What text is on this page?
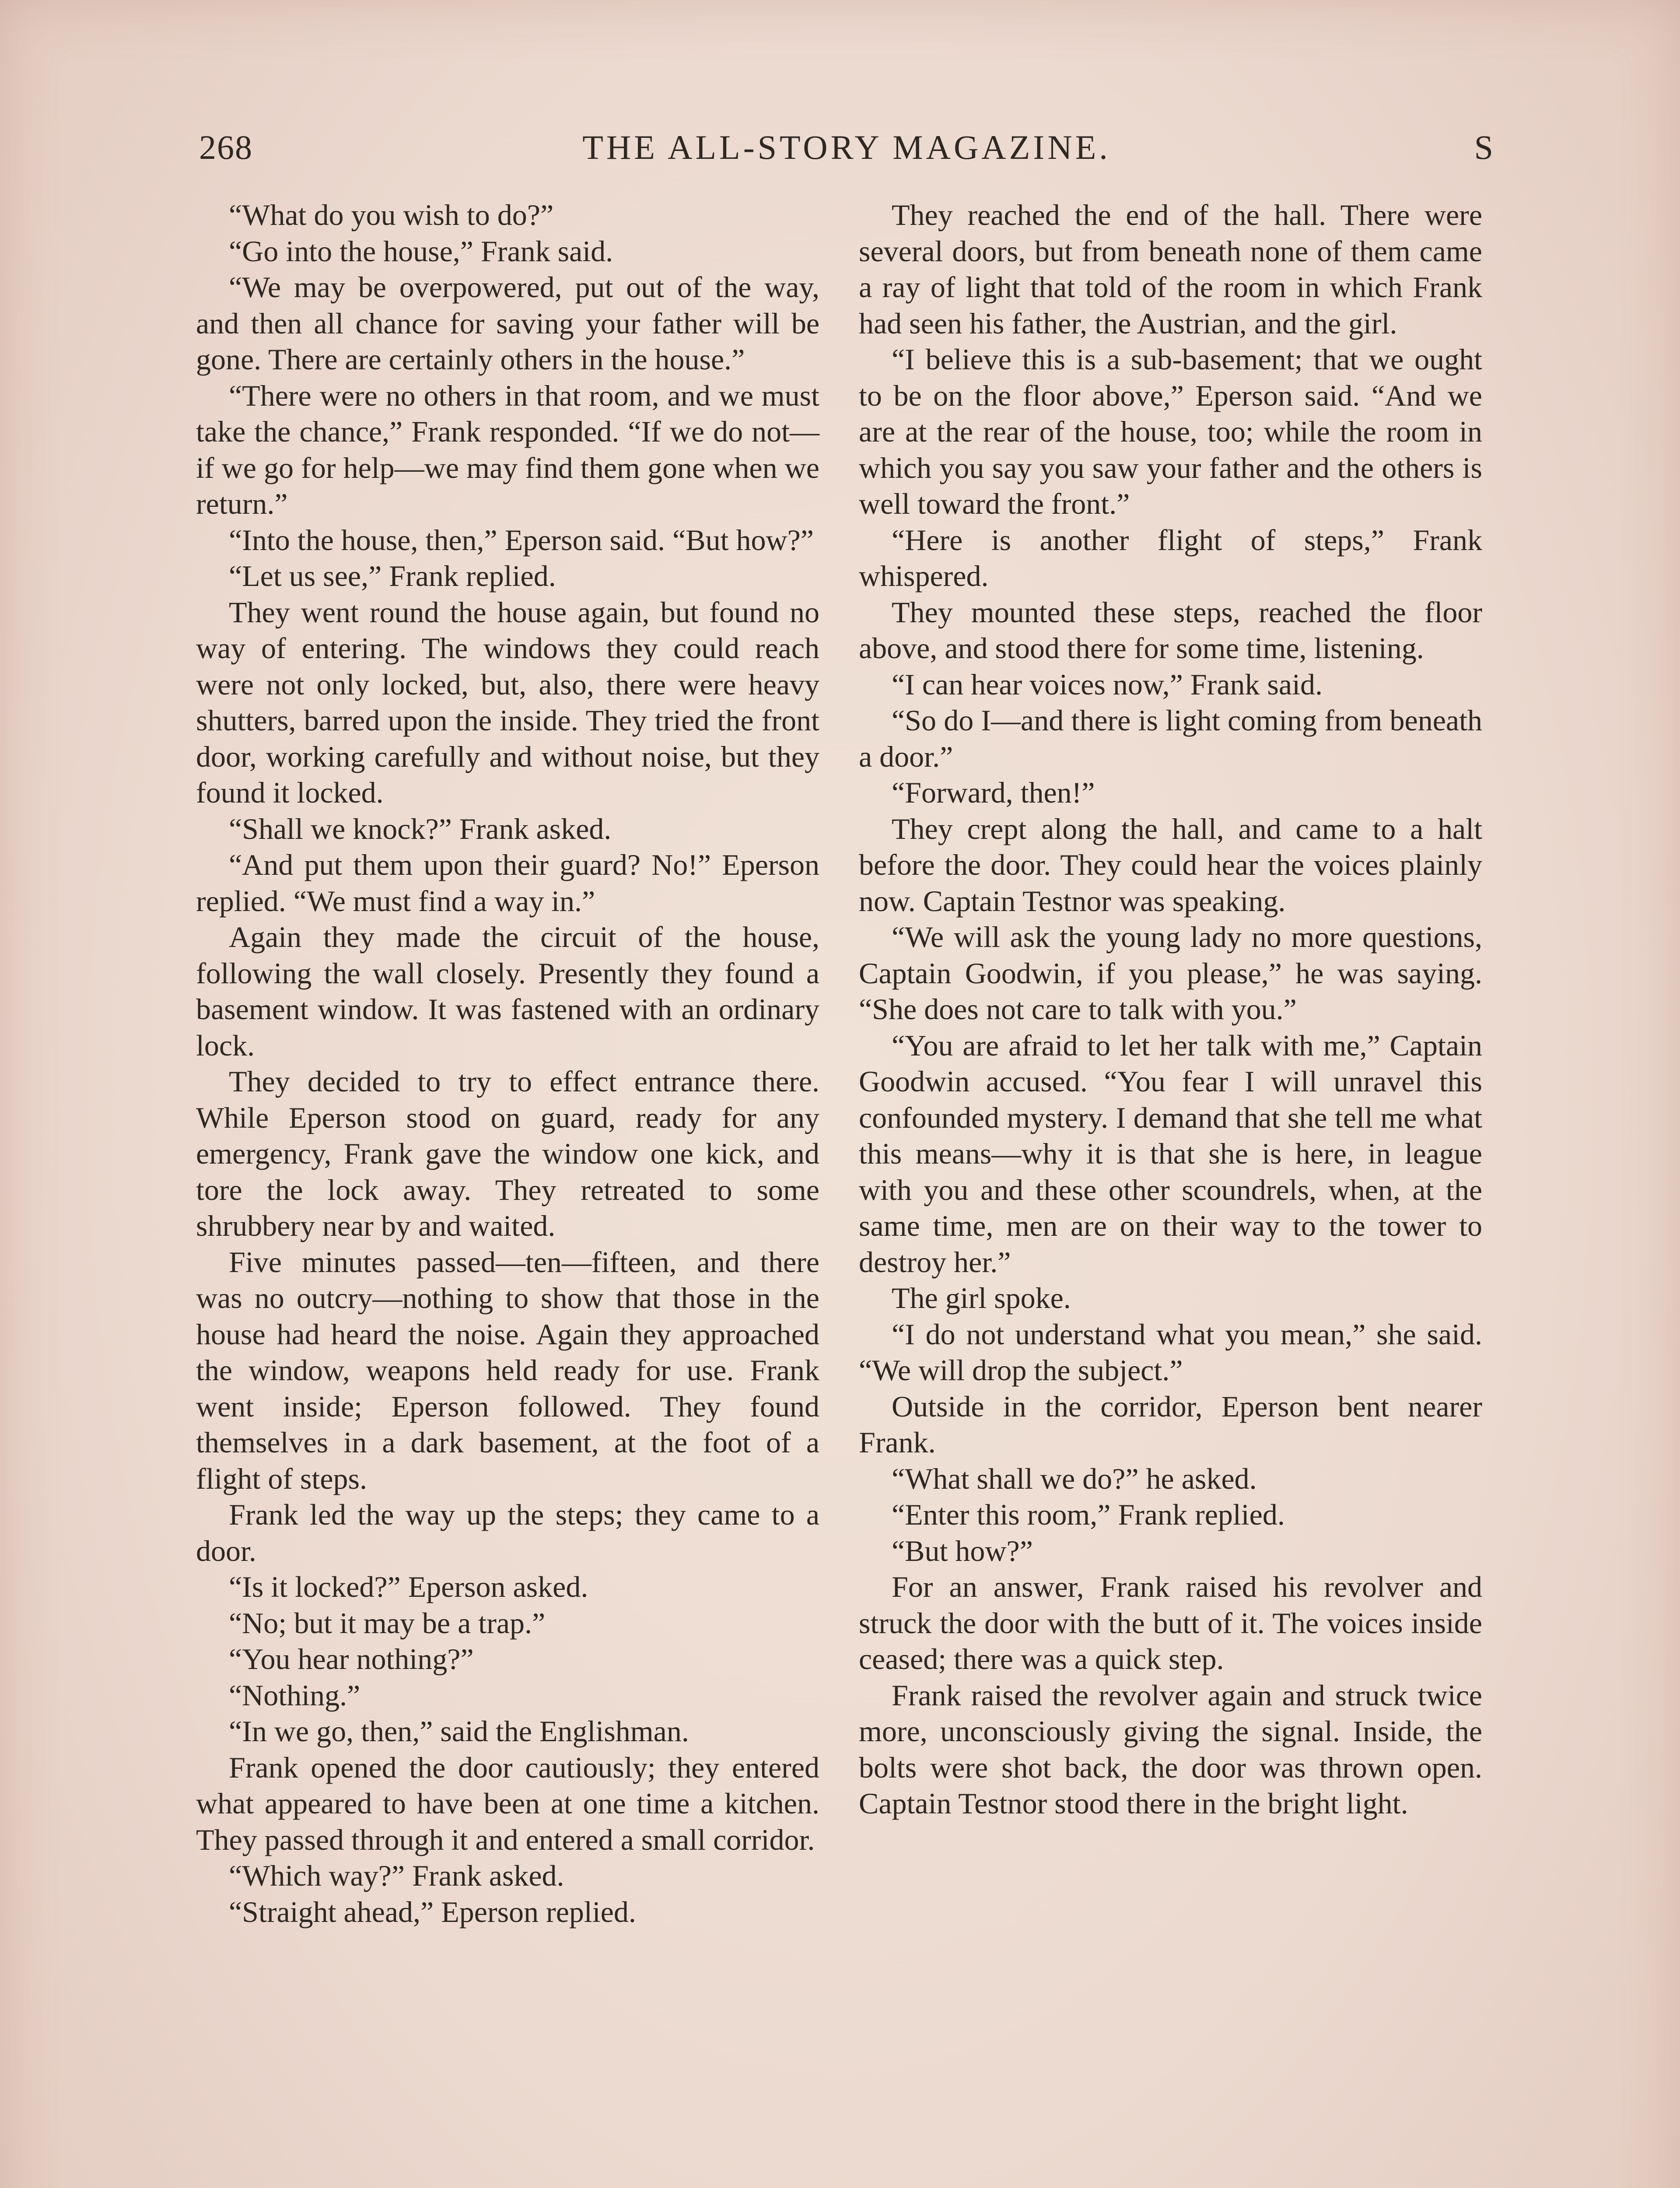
268	THE ALL-STORY MAGAZINE.	S

“What do you wish to do?”

“Go into the house,” Frank said.

“We may be overpowered, put out of the way, and then all chance for saving your father will be gone. There are certainly others in the house.”

“There were no others in that room, and we must take the chance,” Frank responded. “If we do not—if we go for help—we may find them gone when we return.”

“Into the house, then,” Eperson said. “But how?”

“Let us see,” Frank replied.

They went round the house again, but found no way of entering. The windows they could reach were not only locked, but, also, there were heavy shutters, barred upon the inside. They tried the front door, working carefully and without noise, but they found it locked.

“Shall we knock?” Frank asked.

“And put them upon their guard? No!” Eperson replied. “We must find a way in.”

Again they made the circuit of the house, following the wall closely. Presently they found a basement window. It was fastened with an ordinary lock.

They decided to try to effect entrance there. While Eperson stood on guard, ready for any emergency, Frank gave the window one kick, and tore the lock away. They retreated to some shrubbery near by and waited.

Five minutes passed—ten—fifteen, and there was no outcry—nothing to show that those in the house had heard the noise. Again they approached the window, weapons held ready for use. Frank went inside; Eperson followed. They found themselves in a dark basement, at the foot of a flight of steps.

Frank led the way up the steps; they came to a door.

“Is it locked?” Eperson asked.

“No; but it may be a trap.”

“You hear nothing?”

“Nothing.”

“In we go, then,” said the Englishman.

Frank opened the door cautiously; they entered what appeared to have been at one time a kitchen. They passed through it and entered a small corridor.

“Which way?” Frank asked.

“Straight ahead,” Eperson replied.

They reached the end of the hall. There were several doors, but from beneath none of them came a ray of light that told of the room in which Frank had seen his father, the Austrian, and the girl.

“I believe this is a sub-basement; that we ought to be on the floor above,” Eperson said. “And we are at the rear of the house, too; while the room in which you say you saw your father and the others is well toward the front.”

“Here is another flight of steps,” Frank whispered.

They mounted these steps, reached the floor above, and stood there for some time, listening.

“I can hear voices now,” Frank said.

“So do I—and there is light coming from beneath a door.”

“Forward, then!”

They crept along the hall, and came to a halt before the door. They could hear the voices plainly now. Captain Testnor was speaking.

“We will ask the young lady no more questions, Captain Goodwin, if you please,” he was saying. “She does not care to talk with you.”

“You are afraid to let her talk with me,” Captain Goodwin accused. “You fear I will unravel this confounded mystery. I demand that she tell me what this means—why it is that she is here, in league with you and these other scoundrels, when, at the same time, men are on their way to the tower to destroy her.”

The girl spoke.

“I do not understand what you mean,” she said. “We will drop the subject.”

Outside in the corridor, Eperson bent nearer Frank.

“What shall we do?” he asked.

“Enter this room,” Frank replied.

“But how?”

For an answer, Frank raised his revolver and struck the door with the butt of it. The voices inside ceased; there was a quick step.

Frank raised the revolver again and struck twice more, unconsciously giving the signal. Inside, the bolts were shot back, the door was thrown open. Captain Testnor stood there in the bright light.
